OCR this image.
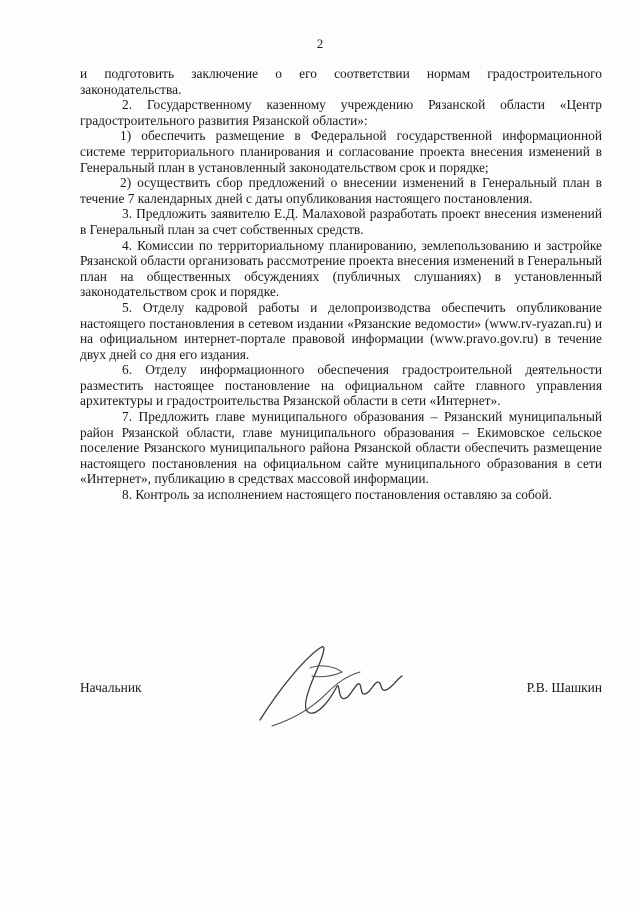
2

и подготовить заключение о его соответствии нормам градостроительного законодательства.

2. Государственному казенному учреждению Рязанской области «Центр градостроительного развития Рязанской области»:

1) обеспечить размещение в Федеральной государственной информационной системе территориального планирования и согласование проекта внесения изменений в Генеральный план в установленный законодательством срок и порядке;

2) осуществить сбор предложений о внесении изменений в Генеральный план в течение 7 календарных дней с даты опубликования настоящего постановления.

3. Предложить заявителю Е.Д. Малаховой разработать проект внесения изменений в Генеральный план за счет собственных средств.

4. Комиссии по территориальному планированию, землепользованию и застройке Рязанской области организовать рассмотрение проекта внесения изменений в Генеральный план на общественных обсуждениях (публичных слушаниях) в установленный законодательством срок и порядке.

5. Отделу кадровой работы и делопроизводства обеспечить опубликование настоящего постановления в сетевом издании «Рязанские ведомости» (www.rv-ryazan.ru) и на официальном интернет-портале правовой информации (www.pravo.gov.ru) в течение двух дней со дня его издания.

6. Отделу информационного обеспечения градостроительной деятельности разместить настоящее постановление на официальном сайте главного управления архитектуры и градостроительства Рязанской области в сети «Интернет».

7. Предложить главе муниципального образования – Рязанский муниципальный район Рязанской области, главе муниципального образования – Екимовское сельское поселение Рязанского муниципального района Рязанской области обеспечить размещение настоящего постановления на официальном сайте муниципального образования в сети «Интернет», публикацию в средствах массовой информации.

8. Контроль за исполнением настоящего постановления оставляю за собой.

Начальник	Р.В. Шашкин
